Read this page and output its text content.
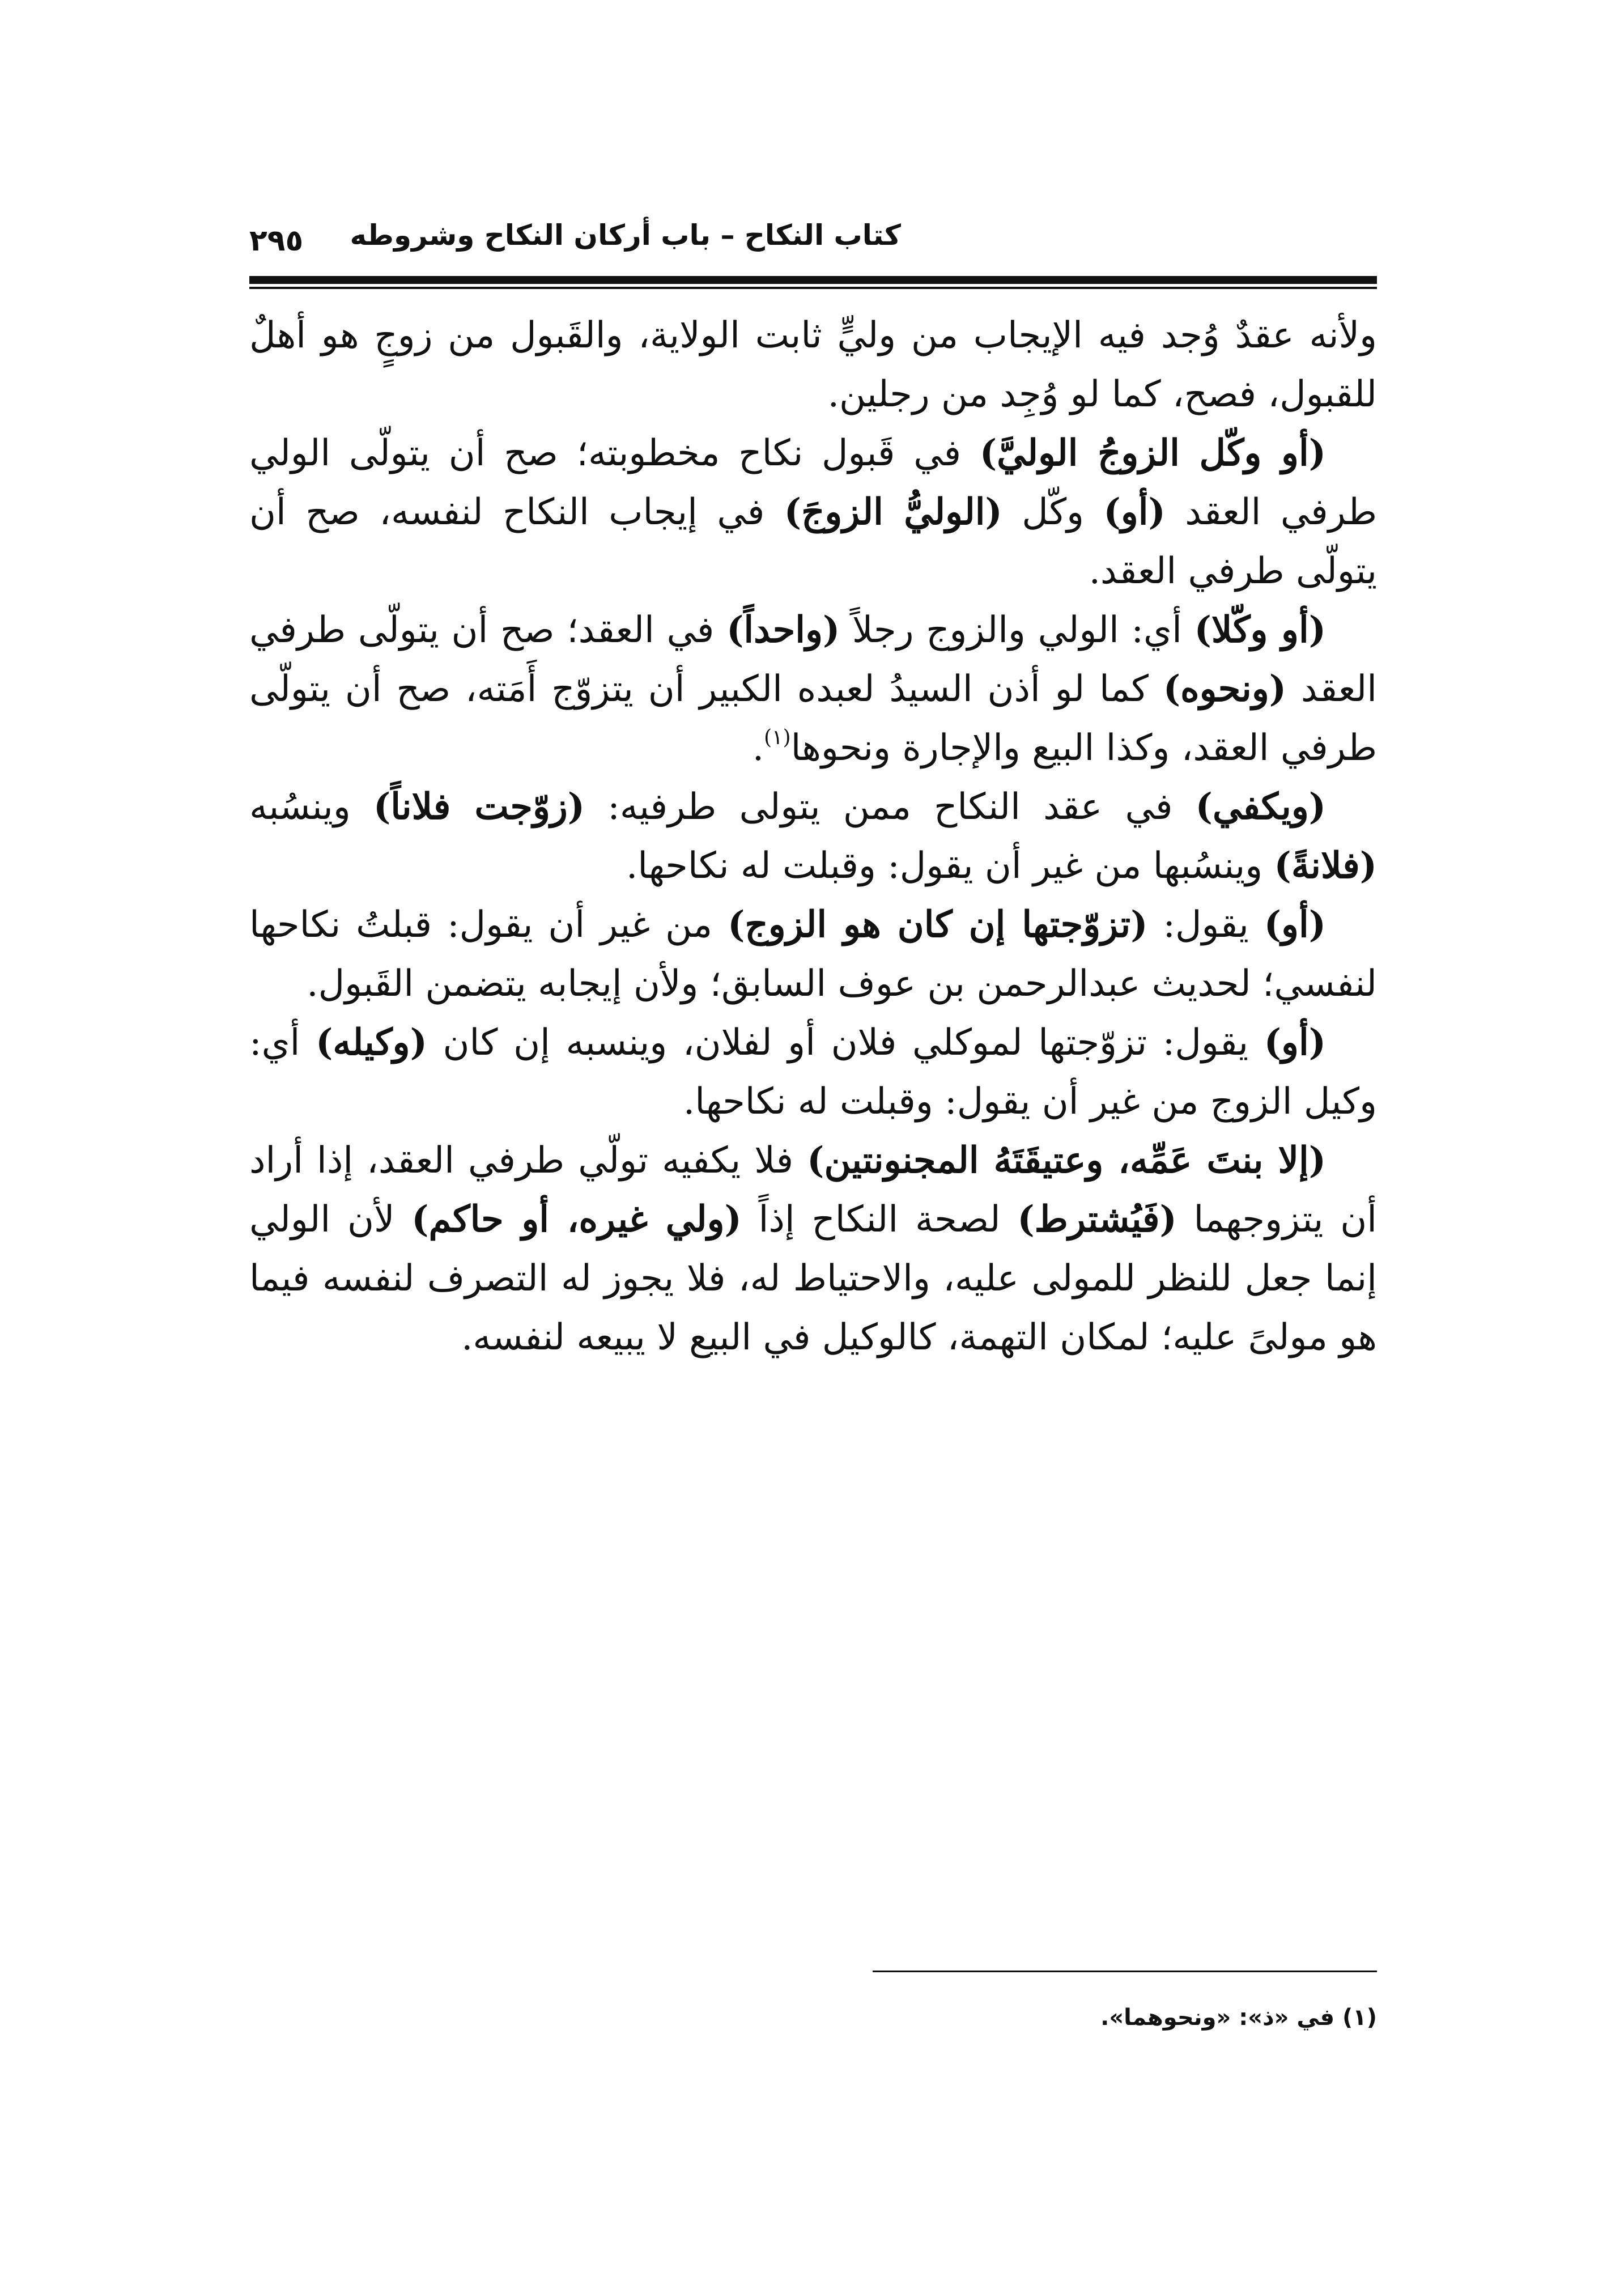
كتاب النكاح – باب أركان النكاح وشروطه
٢٩٥

ولأنه عقدٌ وُجد فيه الإيجاب من وليٍّ ثابت الولاية، والقَبول من زوجٍ هو أهلٌ للقبول، فصح، كما لو وُجِد من رجلين.

(أو وكّل الزوجُ الوليَّ) في قَبول نكاح مخطوبته؛ صح أن يتولّى الولي طرفي العقد (أو) وكّل (الوليُّ الزوجَ) في إيجاب النكاح لنفسه، صح أن يتولّى طرفي العقد.

(أو وكّلا) أي: الولي والزوج رجلاً (واحداً) في العقد؛ صح أن يتولّى طرفي العقد (ونحوه) كما لو أذن السيدُ لعبده الكبير أن يتزوّج أَمَته، صح أن يتولّى طرفي العقد، وكذا البيع والإجارة ونحوها$^{(١)}$.

(ويكفي) في عقد النكاح ممن يتولى طرفيه: (زوّجت فلاناً) وينسُبه (فلانةً) وينسُبها من غير أن يقول: وقبلت له نكاحها.

(أو) يقول: (تزوّجتها إن كان هو الزوج) من غير أن يقول: قبلتُ نكاحها لنفسي؛ لحديث عبدالرحمن بن عوف السابق؛ ولأن إيجابه يتضمن القَبول.

(أو) يقول: تزوّجتها لموكلي فلان أو لفلان، وينسبه إن كان (وكيله) أي: وكيل الزوج من غير أن يقول: وقبلت له نكاحها.

(إلا بنتَ عَمِّه، وعتيقَتَهُ المجنونتين) فلا يكفيه تولّي طرفي العقد، إذا أراد أن يتزوجهما (فَيُشترط) لصحة النكاح إذاً (ولي غيره، أو حاكم) لأن الولي إنما جعل للنظر للمولى عليه، والاحتياط له، فلا يجوز له التصرف لنفسه فيما هو مولىً عليه؛ لمكان التهمة، كالوكيل في البيع لا يبيعه لنفسه.

(١) في «ذ»: «ونحوهما».
